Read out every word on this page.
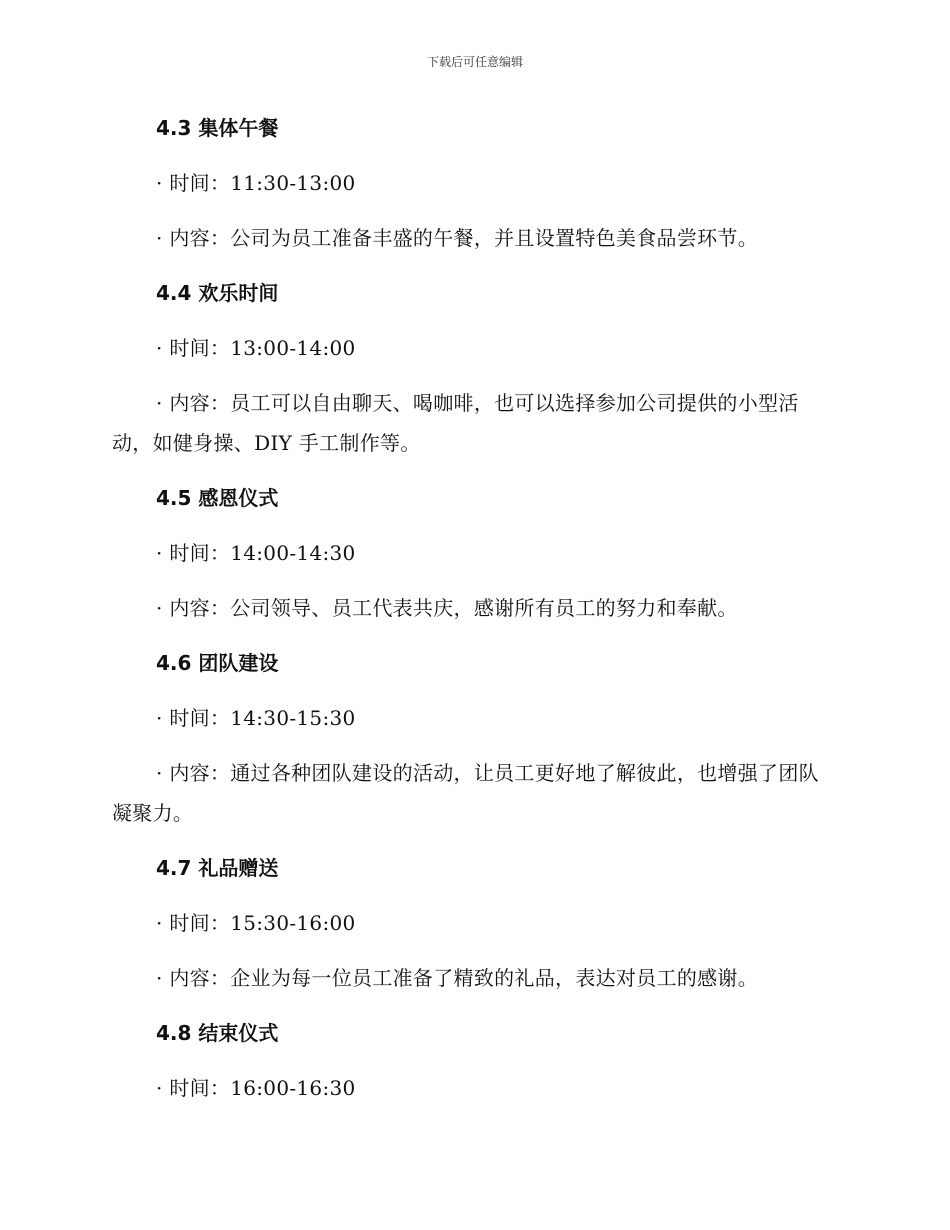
下载后可任意编辑
4.3 集体午餐
· 时间：11:30-13:00
· 内容：公司为员工准备丰盛的午餐，并且设置特色美食品尝环节。
4.4 欢乐时间
· 时间：13:00-14:00
· 内容：员工可以自由聊天、喝咖啡，也可以选择参加公司提供的小型活动，如健身操、DIY 手工制作等。
4.5 感恩仪式
· 时间：14:00-14:30
· 内容：公司领导、员工代表共庆，感谢所有员工的努力和奉献。
4.6 团队建设
· 时间：14:30-15:30
· 内容：通过各种团队建设的活动，让员工更好地了解彼此，也增强了团队凝聚力。
4.7 礼品赠送
· 时间：15:30-16:00
· 内容：企业为每一位员工准备了精致的礼品，表达对员工的感谢。
4.8 结束仪式
· 时间：16:00-16:30
